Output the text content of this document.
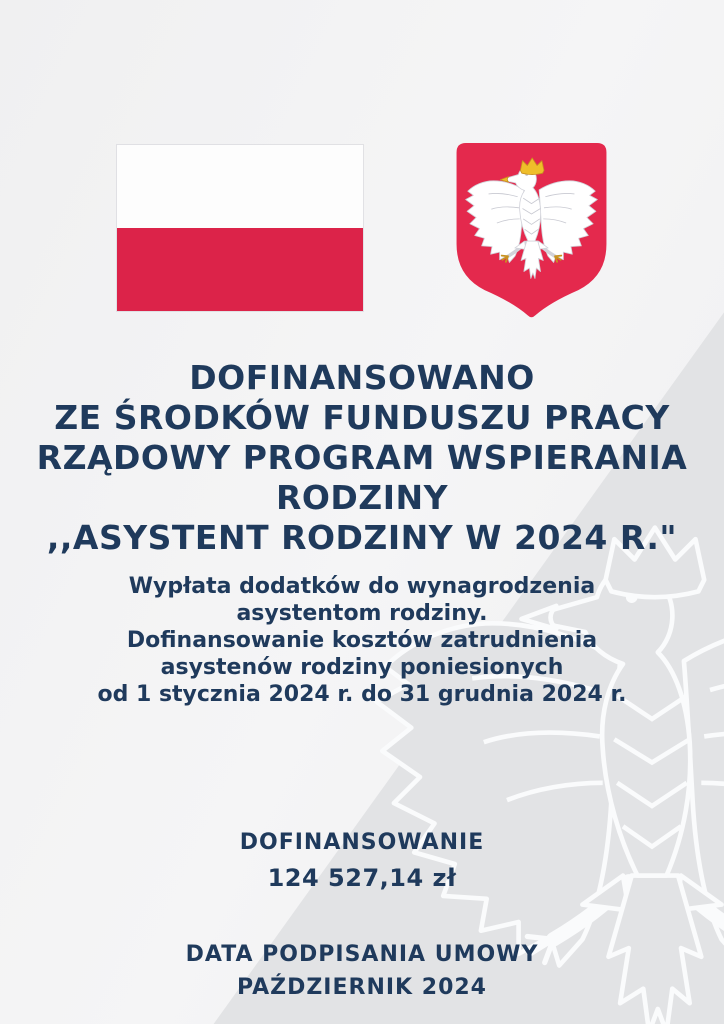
DOFINANSOWANO
ZE ŚRODKÓW FUNDUSZU PRACY
RZĄDOWY PROGRAM WSPIERANIA
RODZINY
,,ASYSTENT RODZINY W 2024 R."

Wypłata dodatków do wynagrodzenia
asystentom rodziny.
Dofinansowanie kosztów zatrudnienia
asystenów rodziny poniesionych
od 1 stycznia 2024 r. do 31 grudnia 2024 r.

DOFINANSOWANIE
124 527,14 zł
DATA PODPISANIA UMOWY
PAŹDZIERNIK 2024
